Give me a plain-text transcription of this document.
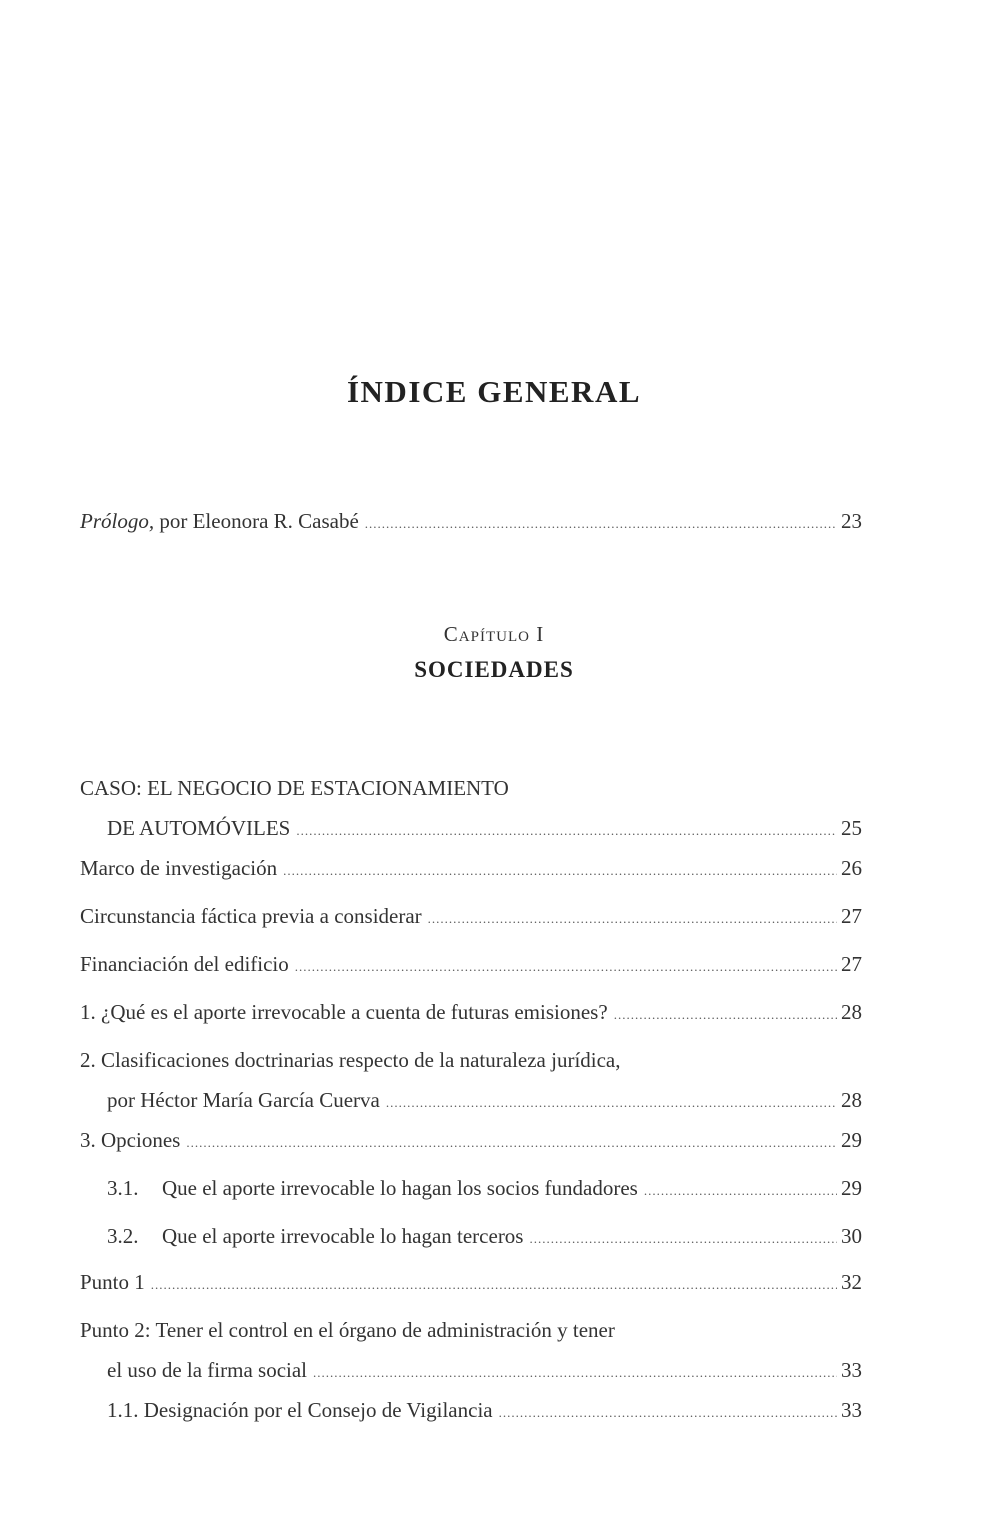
ÍNDICE GENERAL
Prólogo, por Eleonora R. Casabé .....	23
Capítulo I
SOCIEDADES
CASO: EL NEGOCIO DE ESTACIONAMIENTO
DE AUTOMÓVILES .....	25
Marco de investigación .....	26
Circunstancia fáctica previa a considerar .....	27
Financiación del edificio .....	27
1. ¿Qué es el aporte irrevocable a cuenta de futuras emisiones? .....	28
2. Clasificaciones doctrinarias respecto de la naturaleza jurídica,
por Héctor María García Cuerva .....	28
3. Opciones .....	29
3.1. Que el aporte irrevocable lo hagan los socios fundadores .....	29
3.2. Que el aporte irrevocable lo hagan terceros .....	30
Punto 1 .....	32
Punto 2: Tener el control en el órgano de administración y tener
el uso de la firma social .....	33
1.1. Designación por el Consejo de Vigilancia .....	33
